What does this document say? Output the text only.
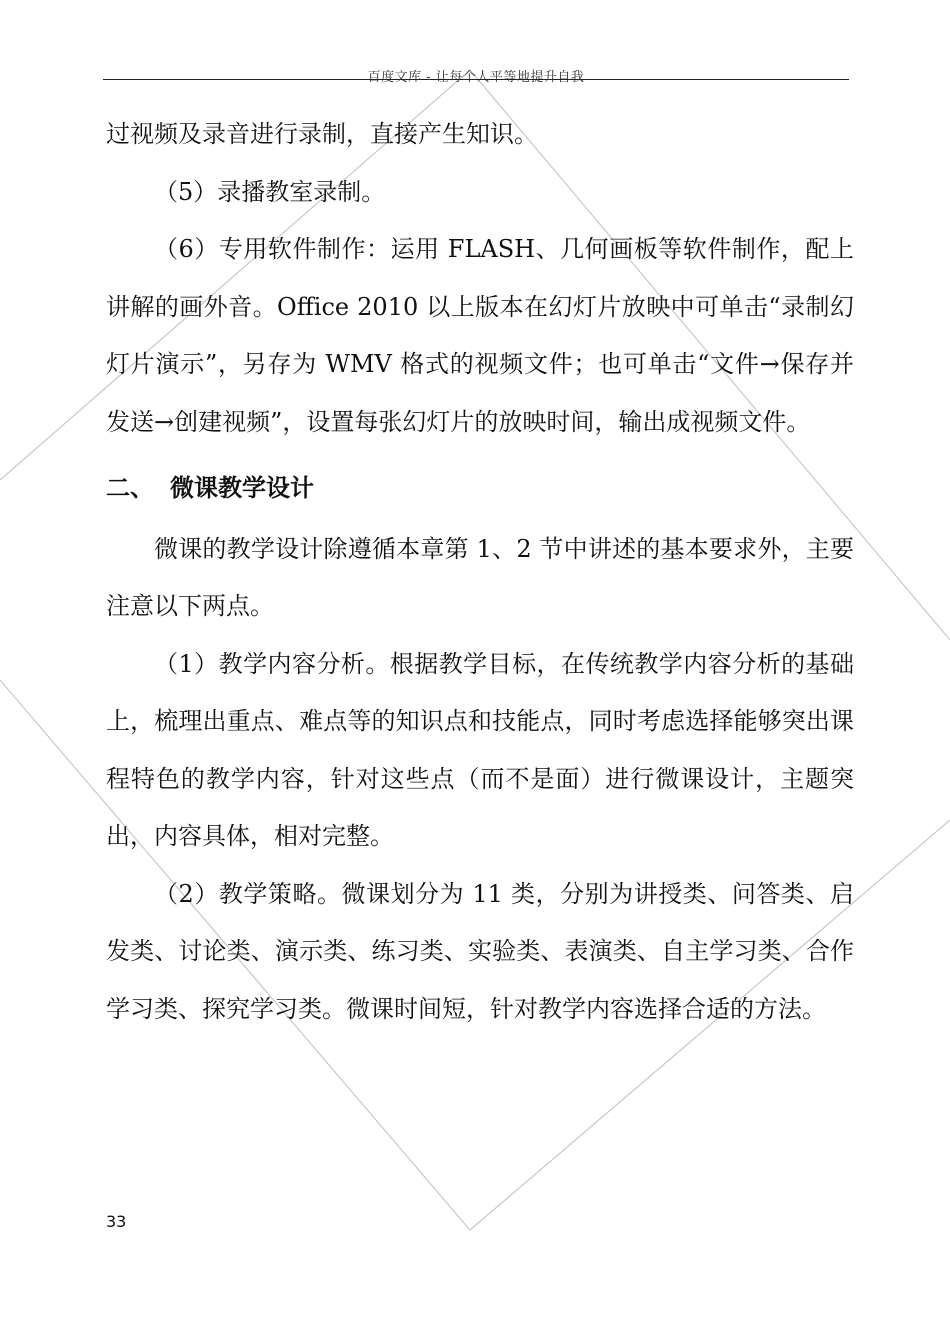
百度文库 - 让每个人平等地提升自我

过视频及录音进行录制，直接产生知识。

（5）录播教室录制。

（6）专用软件制作：运用 FLASH、几何画板等软件制作，配上讲解的画外音。Office 2010 以上版本在幻灯片放映中可单击“录制幻灯片演示”，另存为 WMV 格式的视频文件；也可单击“文件→保存并发送→创建视频”，设置每张幻灯片的放映时间，输出成视频文件。

二、 微课教学设计

微课的教学设计除遵循本章第 1、2 节中讲述的基本要求外，主要注意以下两点。

（1）教学内容分析。根据教学目标，在传统教学内容分析的基础上，梳理出重点、难点等的知识点和技能点，同时考虑选择能够突出课程特色的教学内容，针对这些点（而不是面）进行微课设计，主题突出，内容具体，相对完整。

（2）教学策略。微课划分为 11 类，分别为讲授类、问答类、启发类、讨论类、演示类、练习类、实验类、表演类、自主学习类、合作学习类、探究学习类。微课时间短，针对教学内容选择合适的方法。

33
